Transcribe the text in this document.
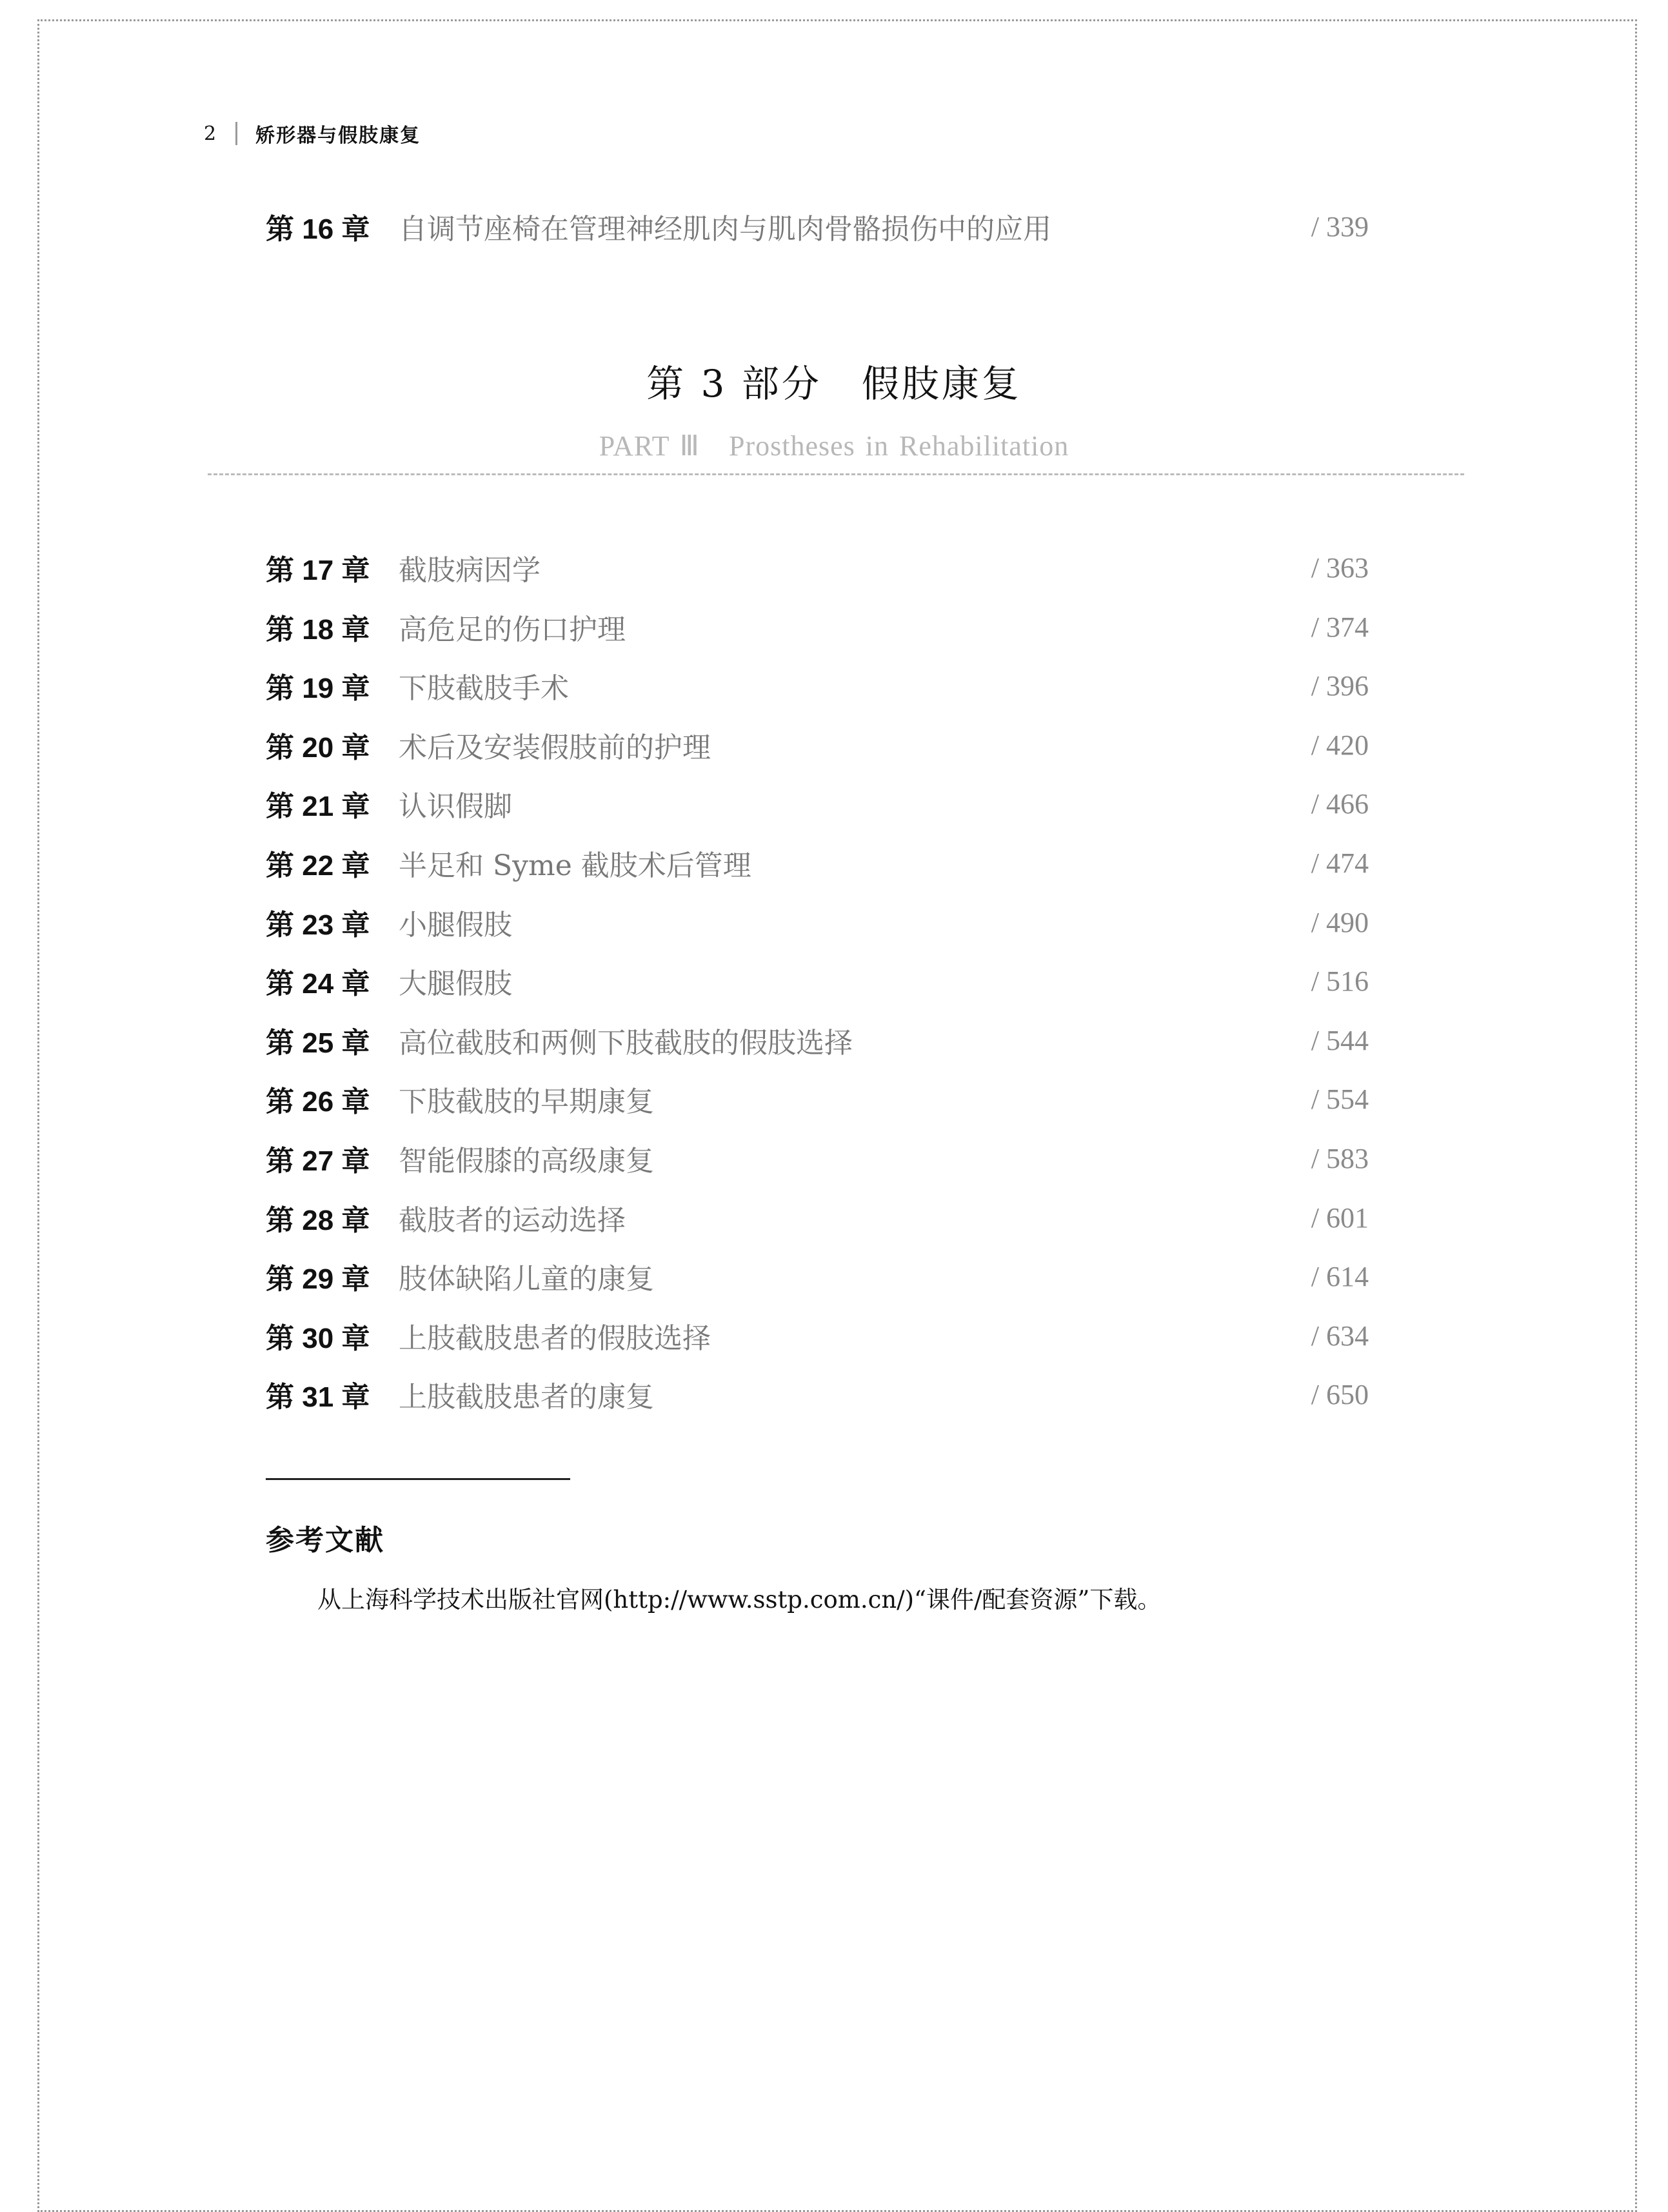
2 矫形器与假肢康复
第 16 章	自调节座椅在管理神经肌肉与肌肉骨骼损伤中的应用	/ 339
第 3 部分　假肢康复
PART Ⅲ　Prostheses in Rehabilitation
第 17 章	截肢病因学	/ 363
第 18 章	高危足的伤口护理	/ 374
第 19 章	下肢截肢手术	/ 396
第 20 章	术后及安装假肢前的护理	/ 420
第 21 章	认识假脚	/ 466
第 22 章	半足和 Syme 截肢术后管理	/ 474
第 23 章	小腿假肢	/ 490
第 24 章	大腿假肢	/ 516
第 25 章	高位截肢和两侧下肢截肢的假肢选择	/ 544
第 26 章	下肢截肢的早期康复	/ 554
第 27 章	智能假膝的高级康复	/ 583
第 28 章	截肢者的运动选择	/ 601
第 29 章	肢体缺陷儿童的康复	/ 614
第 30 章	上肢截肢患者的假肢选择	/ 634
第 31 章	上肢截肢患者的康复	/ 650
参考文献
从上海科学技术出版社官网(http://www.sstp.com.cn/)“课件/配套资源”下载。
